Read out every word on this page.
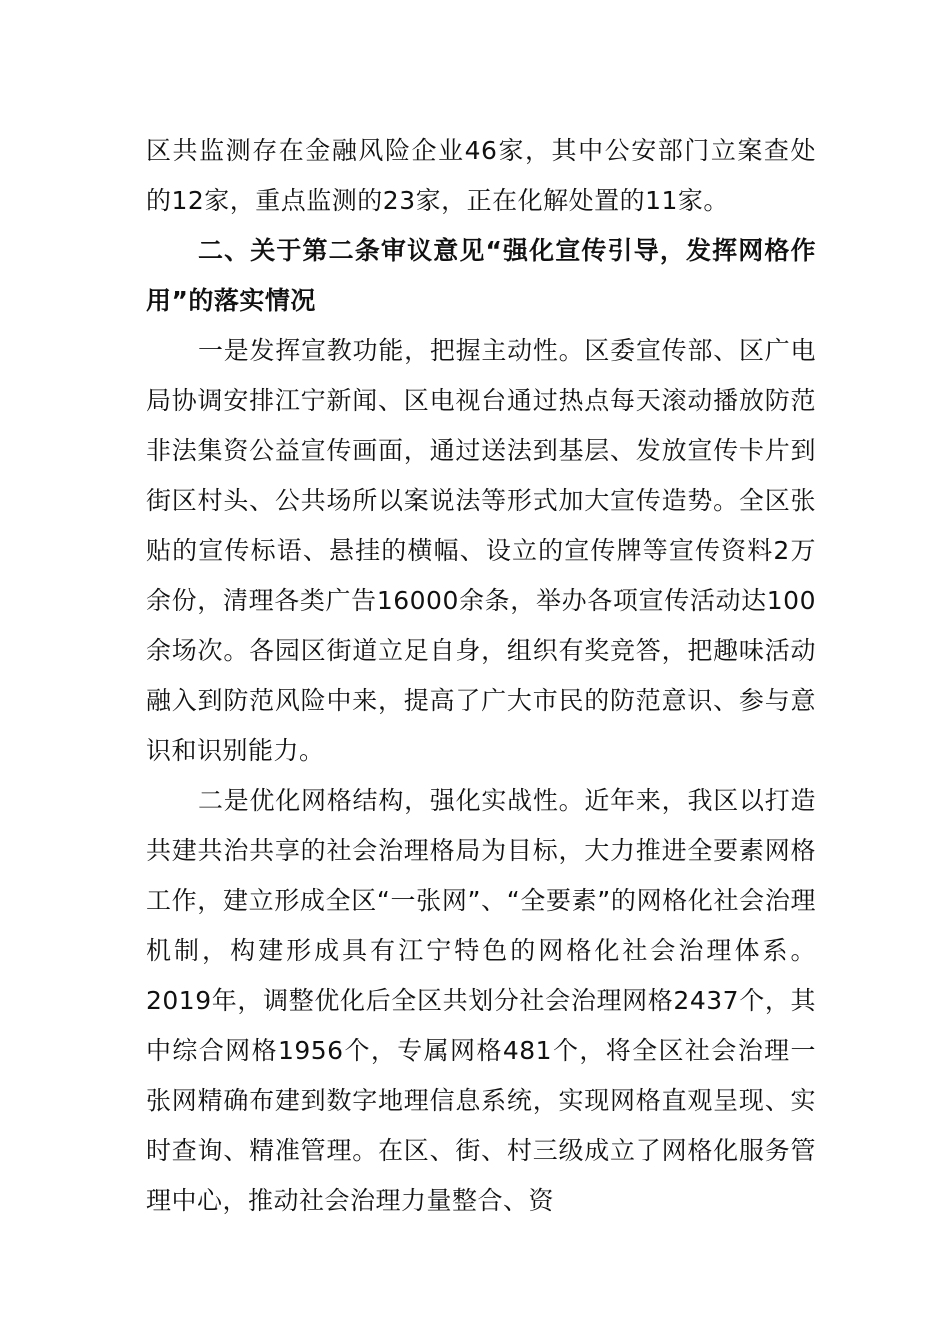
区共监测存在金融风险企业46家，其中公安部门立案查处的12家，重点监测的23家，正在化解处置的11家。

二、关于第二条审议意见“强化宣传引导，发挥网格作用”的落实情况

一是发挥宣教功能，把握主动性。区委宣传部、区广电局协调安排江宁新闻、区电视台通过热点每天滚动播放防范非法集资公益宣传画面，通过送法到基层、发放宣传卡片到街区村头、公共场所以案说法等形式加大宣传造势。全区张贴的宣传标语、悬挂的横幅、设立的宣传牌等宣传资料2万余份，清理各类广告16000余条，举办各项宣传活动达100余场次。各园区街道立足自身，组织有奖竞答，把趣味活动融入到防范风险中来，提高了广大市民的防范意识、参与意识和识别能力。

二是优化网格结构，强化实战性。近年来，我区以打造共建共治共享的社会治理格局为目标，大力推进全要素网格工作，建立形成全区“一张网”、“全要素”的网格化社会治理机制，构建形成具有江宁特色的网格化社会治理体系。2019年，调整优化后全区共划分社会治理网格2437个，其中综合网格1956个，专属网格481个，将全区社会治理一张网精确布建到数字地理信息系统，实现网格直观呈现、实时查询、精准管理。在区、街、村三级成立了网格化服务管理中心，推动社会治理力量整合、资
